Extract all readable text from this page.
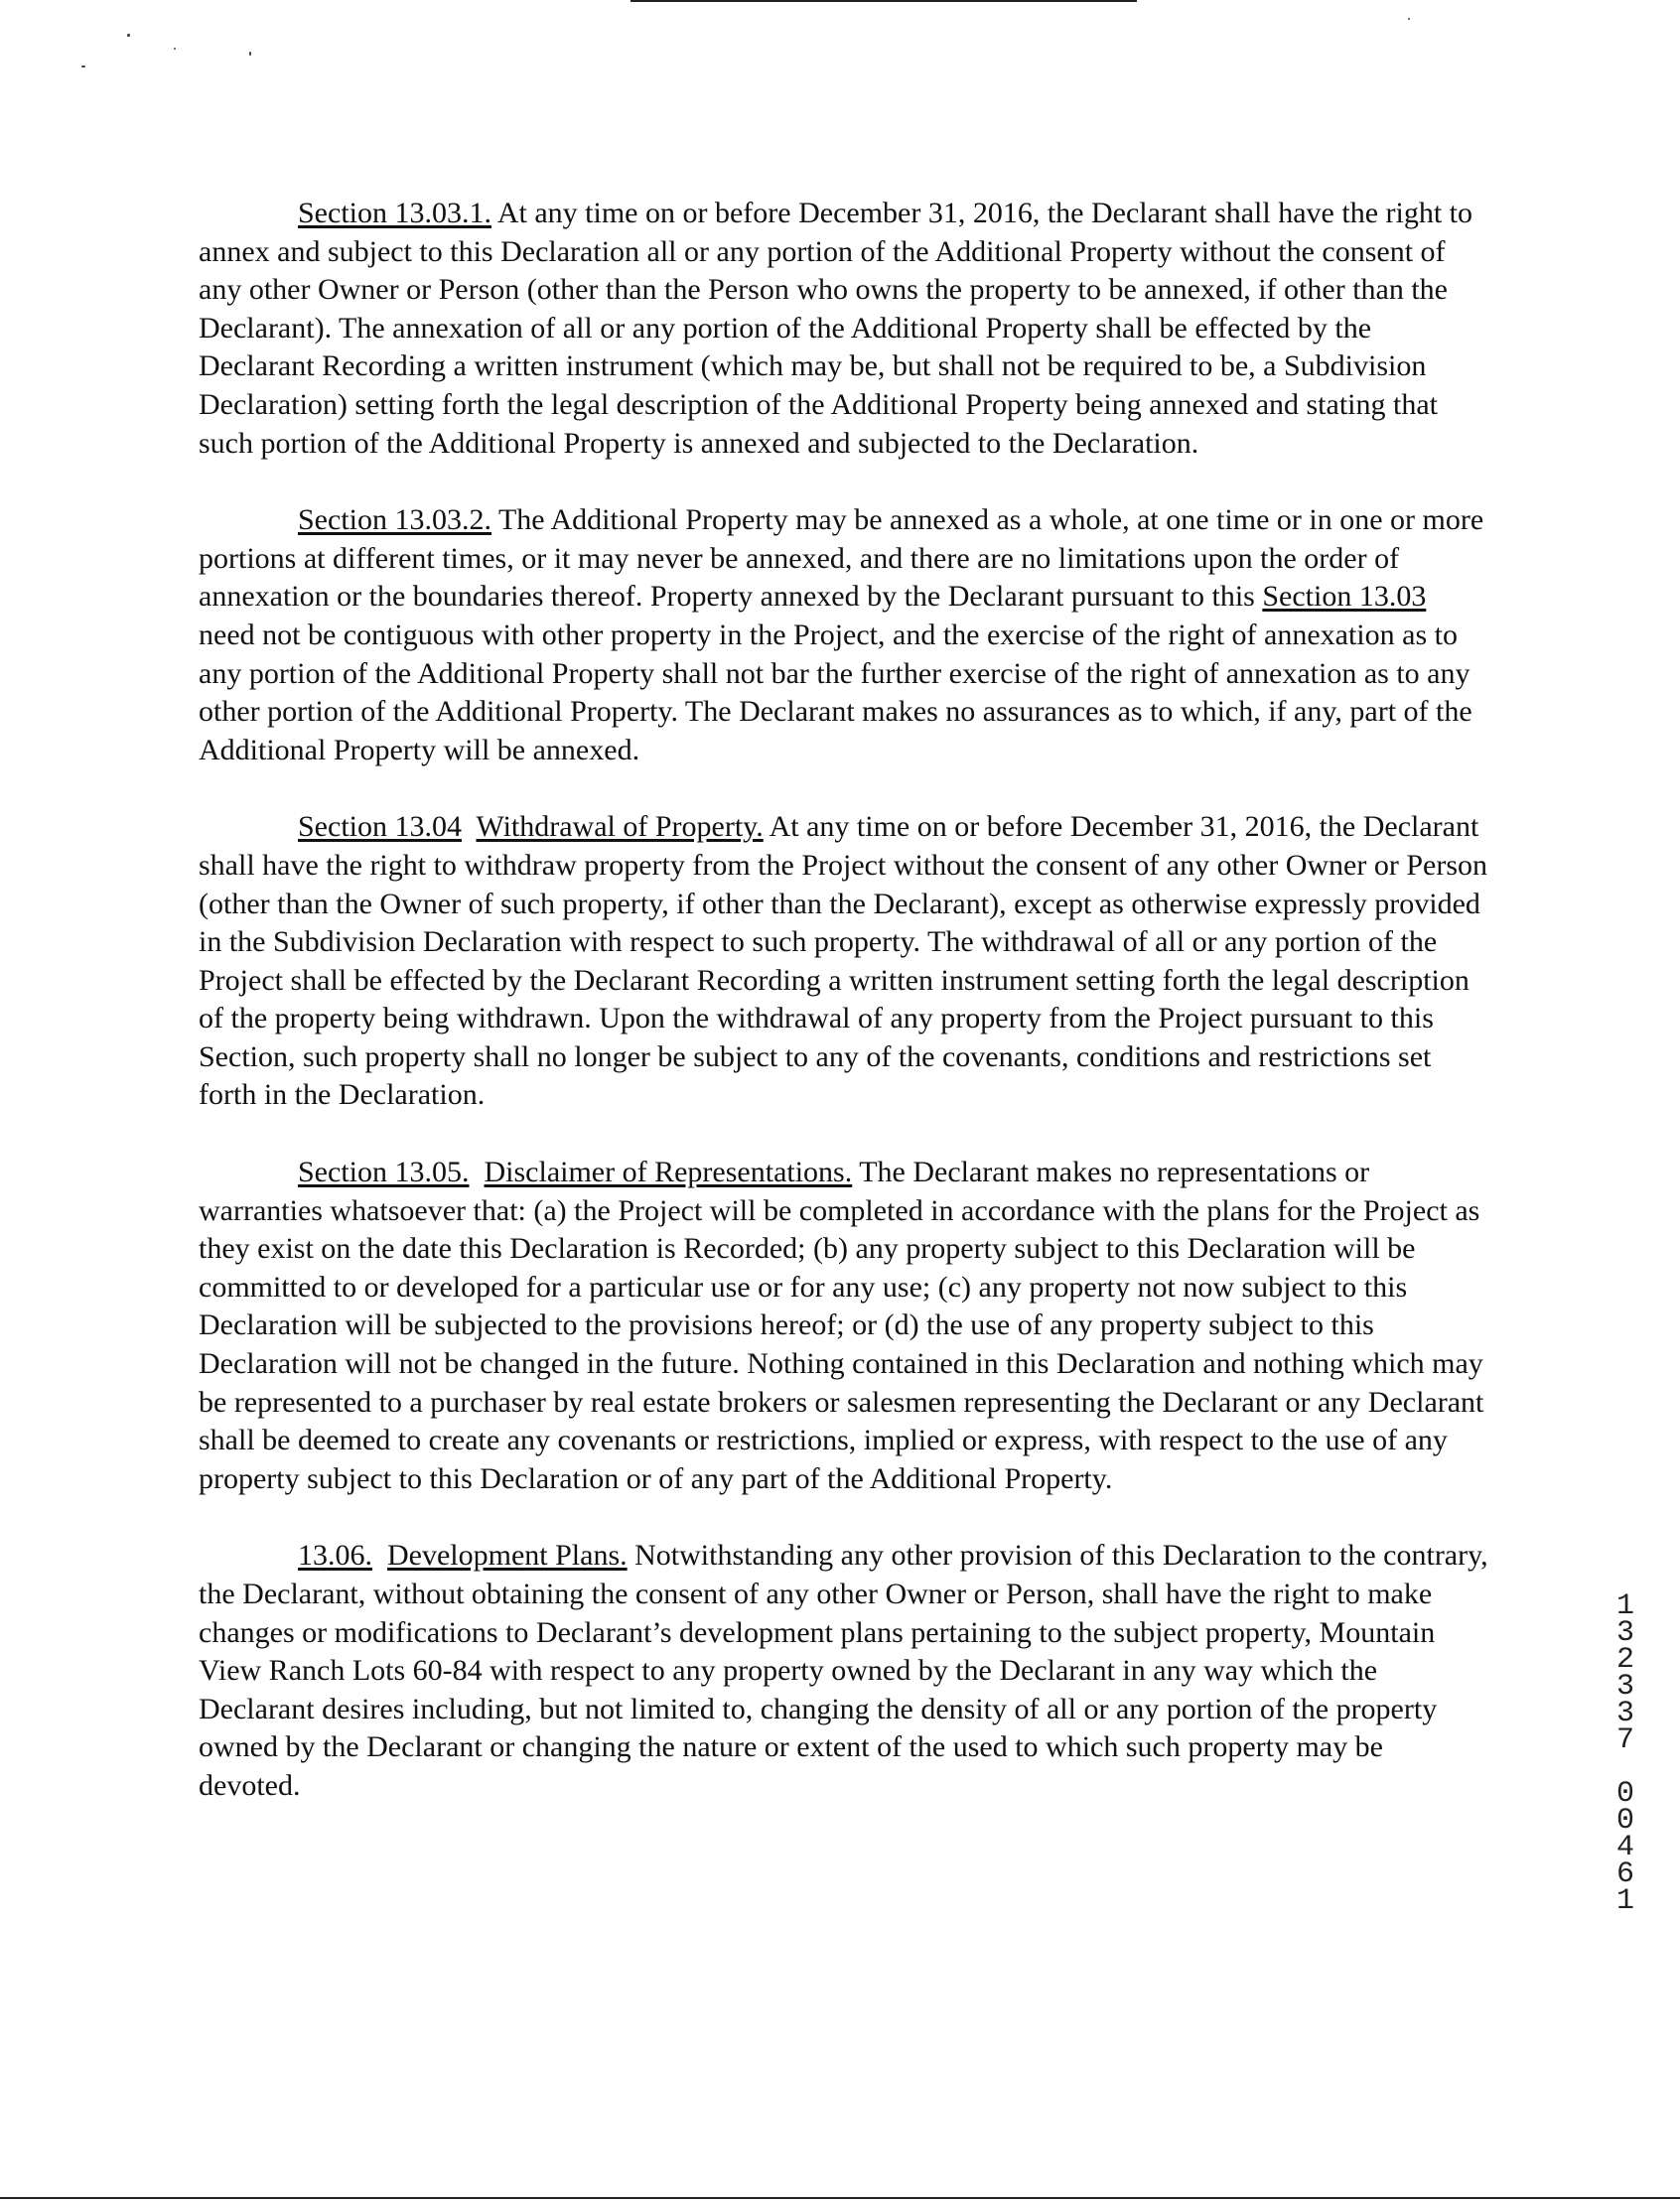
Section 13.03.1. At any time on or before December 31, 2016, the Declarant shall have the right to annex and subject to this Declaration all or any portion of the Additional Property without the consent of any other Owner or Person (other than the Person who owns the property to be annexed, if other than the Declarant). The annexation of all or any portion of the Additional Property shall be effected by the Declarant Recording a written instrument (which may be, but shall not be required to be, a Subdivision Declaration) setting forth the legal description of the Additional Property being annexed and stating that such portion of the Additional Property is annexed and subjected to the Declaration.

Section 13.03.2. The Additional Property may be annexed as a whole, at one time or in one or more portions at different times, or it may never be annexed, and there are no limitations upon the order of annexation or the boundaries thereof. Property annexed by the Declarant pursuant to this Section 13.03 need not be contiguous with other property in the Project, and the exercise of the right of annexation as to any portion of the Additional Property shall not bar the further exercise of the right of annexation as to any other portion of the Additional Property. The Declarant makes no assurances as to which, if any, part of the Additional Property will be annexed.

Section 13.04 Withdrawal of Property. At any time on or before December 31, 2016, the Declarant shall have the right to withdraw property from the Project without the consent of any other Owner or Person (other than the Owner of such property, if other than the Declarant), except as otherwise expressly provided in the Subdivision Declaration with respect to such property. The withdrawal of all or any portion of the Project shall be effected by the Declarant Recording a written instrument setting forth the legal description of the property being withdrawn. Upon the withdrawal of any property from the Project pursuant to this Section, such property shall no longer be subject to any of the covenants, conditions and restrictions set forth in the Declaration.

Section 13.05. Disclaimer of Representations. The Declarant makes no representations or warranties whatsoever that: (a) the Project will be completed in accordance with the plans for the Project as they exist on the date this Declaration is Recorded; (b) any property subject to this Declaration will be committed to or developed for a particular use or for any use; (c) any property not now subject to this Declaration will be subjected to the provisions hereof; or (d) the use of any property subject to this Declaration will not be changed in the future. Nothing contained in this Declaration and nothing which may be represented to a purchaser by real estate brokers or salesmen representing the Declarant or any Declarant shall be deemed to create any covenants or restrictions, implied or express, with respect to the use of any property subject to this Declaration or of any part of the Additional Property.

13.06. Development Plans. Notwithstanding any other provision of this Declaration to the contrary, the Declarant, without obtaining the consent of any other Owner or Person, shall have the right to make changes or modifications to Declarant’s development plans pertaining to the subject property, Mountain View Ranch Lots 60-84 with respect to any property owned by the Declarant in any way which the Declarant desires including, but not limited to, changing the density of all or any portion of the property owned by the Declarant or changing the nature or extent of the used to which such property may be devoted.

1
3
2
3
3
7
0
0
4
6
1
